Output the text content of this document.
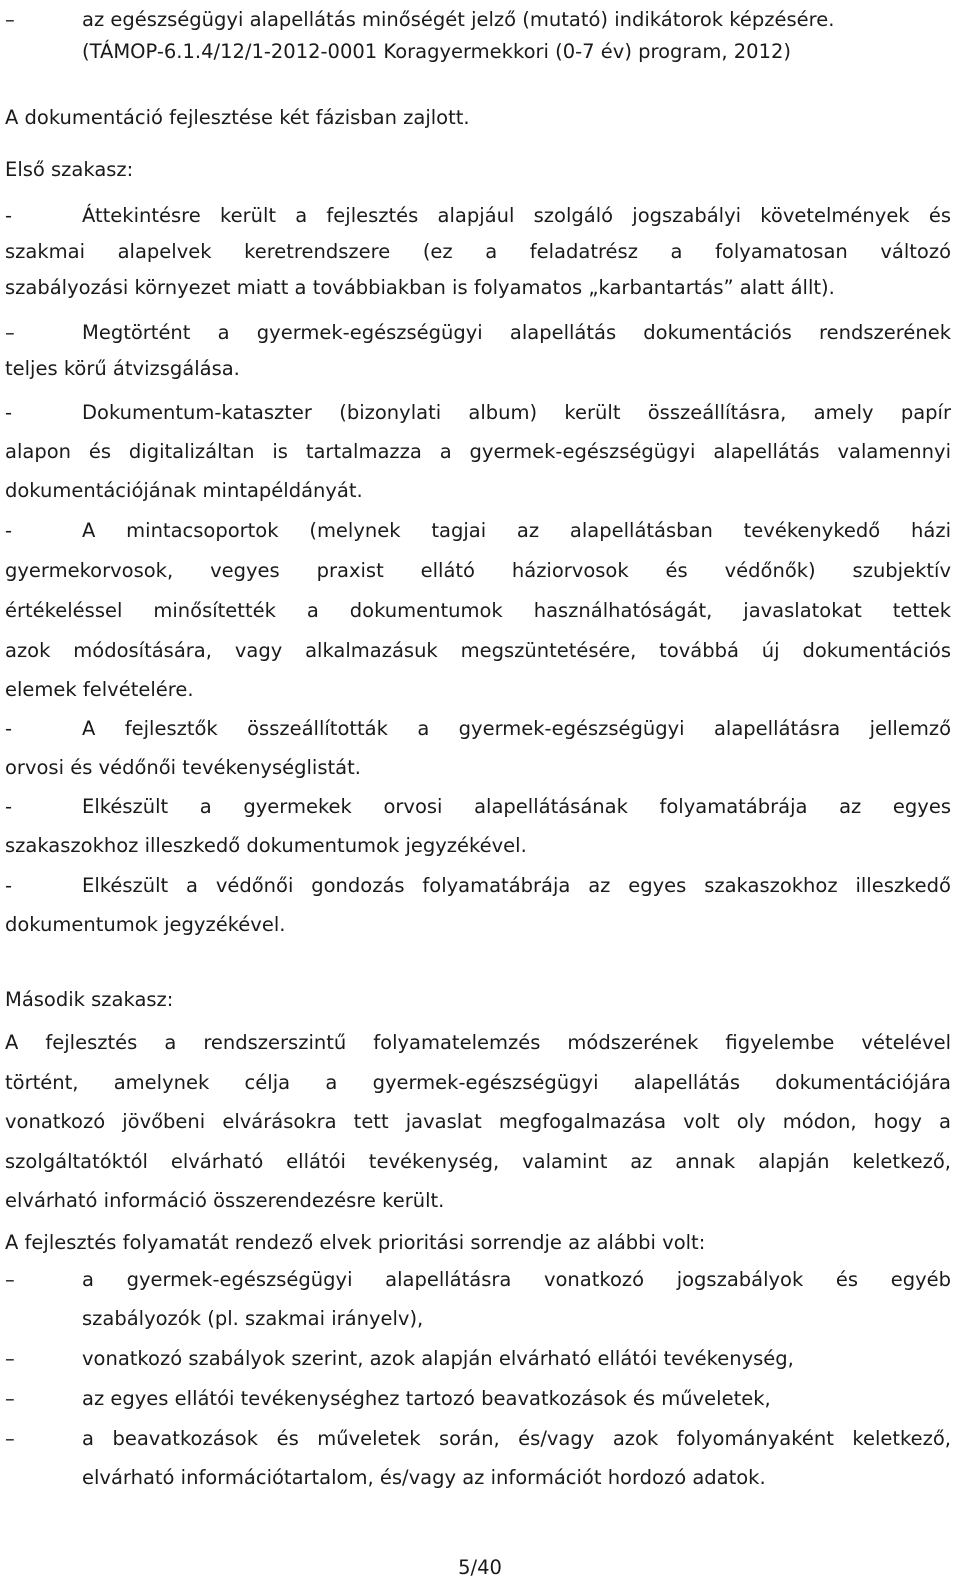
–	az egészségügyi alapellátás minőségét jelző (mutató) indikátorok képzésére.
(TÁMOP-6.1.4/12/1-2012-0001 Koragyermekkori (0-7 év) program, 2012)
A dokumentáció fejlesztése két fázisban zajlott.
Első szakasz:
-	Áttekintésre került a fejlesztés alapjául szolgáló jogszabályi követelmények és
szakmai alapelvek keretrendszere (ez a feladatrész a folyamatosan változó
szabályozási környezet miatt a továbbiakban is folyamatos „karbantartás” alatt állt).
–	Megtörtént a gyermek-egészségügyi alapellátás dokumentációs rendszerének
teljes körű átvizsgálása.
-	Dokumentum-kataszter (bizonylati album) került összeállításra, amely papír
alapon és digitalizáltan is tartalmazza a gyermek-egészségügyi alapellátás valamennyi
dokumentációjának mintapéldányát.
-	A mintacsoportok (melynek tagjai az alapellátásban tevékenykedő házi
gyermekorvosok, vegyes praxist ellátó háziorvosok és védőnők) szubjektív
értékeléssel minősítették a dokumentumok használhatóságát, javaslatokat tettek
azok módosítására, vagy alkalmazásuk megszüntetésére, továbbá új dokumentációs
elemek felvételére.
-	A fejlesztők összeállították a gyermek-egészségügyi alapellátásra jellemző
orvosi és védőnői tevékenységlistát.
-	Elkészült a gyermekek orvosi alapellátásának folyamatábrája az egyes
szakaszokhoz illeszkedő dokumentumok jegyzékével.
-	Elkészült a védőnői gondozás folyamatábrája az egyes szakaszokhoz illeszkedő
dokumentumok jegyzékével.
Második szakasz:
A fejlesztés a rendszerszintű folyamatelemzés módszerének figyelembe vételével
történt, amelynek célja a gyermek-egészségügyi alapellátás dokumentációjára
vonatkozó jövőbeni elvárásokra tett javaslat megfogalmazása volt oly módon, hogy a
szolgáltatóktól elvárható ellátói tevékenység, valamint az annak alapján keletkező,
elvárható információ összerendezésre került.
A fejlesztés folyamatát rendező elvek prioritási sorrendje az alábbi volt:
–	a gyermek-egészségügyi alapellátásra vonatkozó jogszabályok és egyéb
szabályozók (pl. szakmai irányelv),
–	vonatkozó szabályok szerint, azok alapján elvárható ellátói tevékenység,
–	az egyes ellátói tevékenységhez tartozó beavatkozások és műveletek,
–	a beavatkozások és műveletek során, és/vagy azok folyományaként keletkező,
elvárható információtartalom, és/vagy az információt hordozó adatok.
5/40
